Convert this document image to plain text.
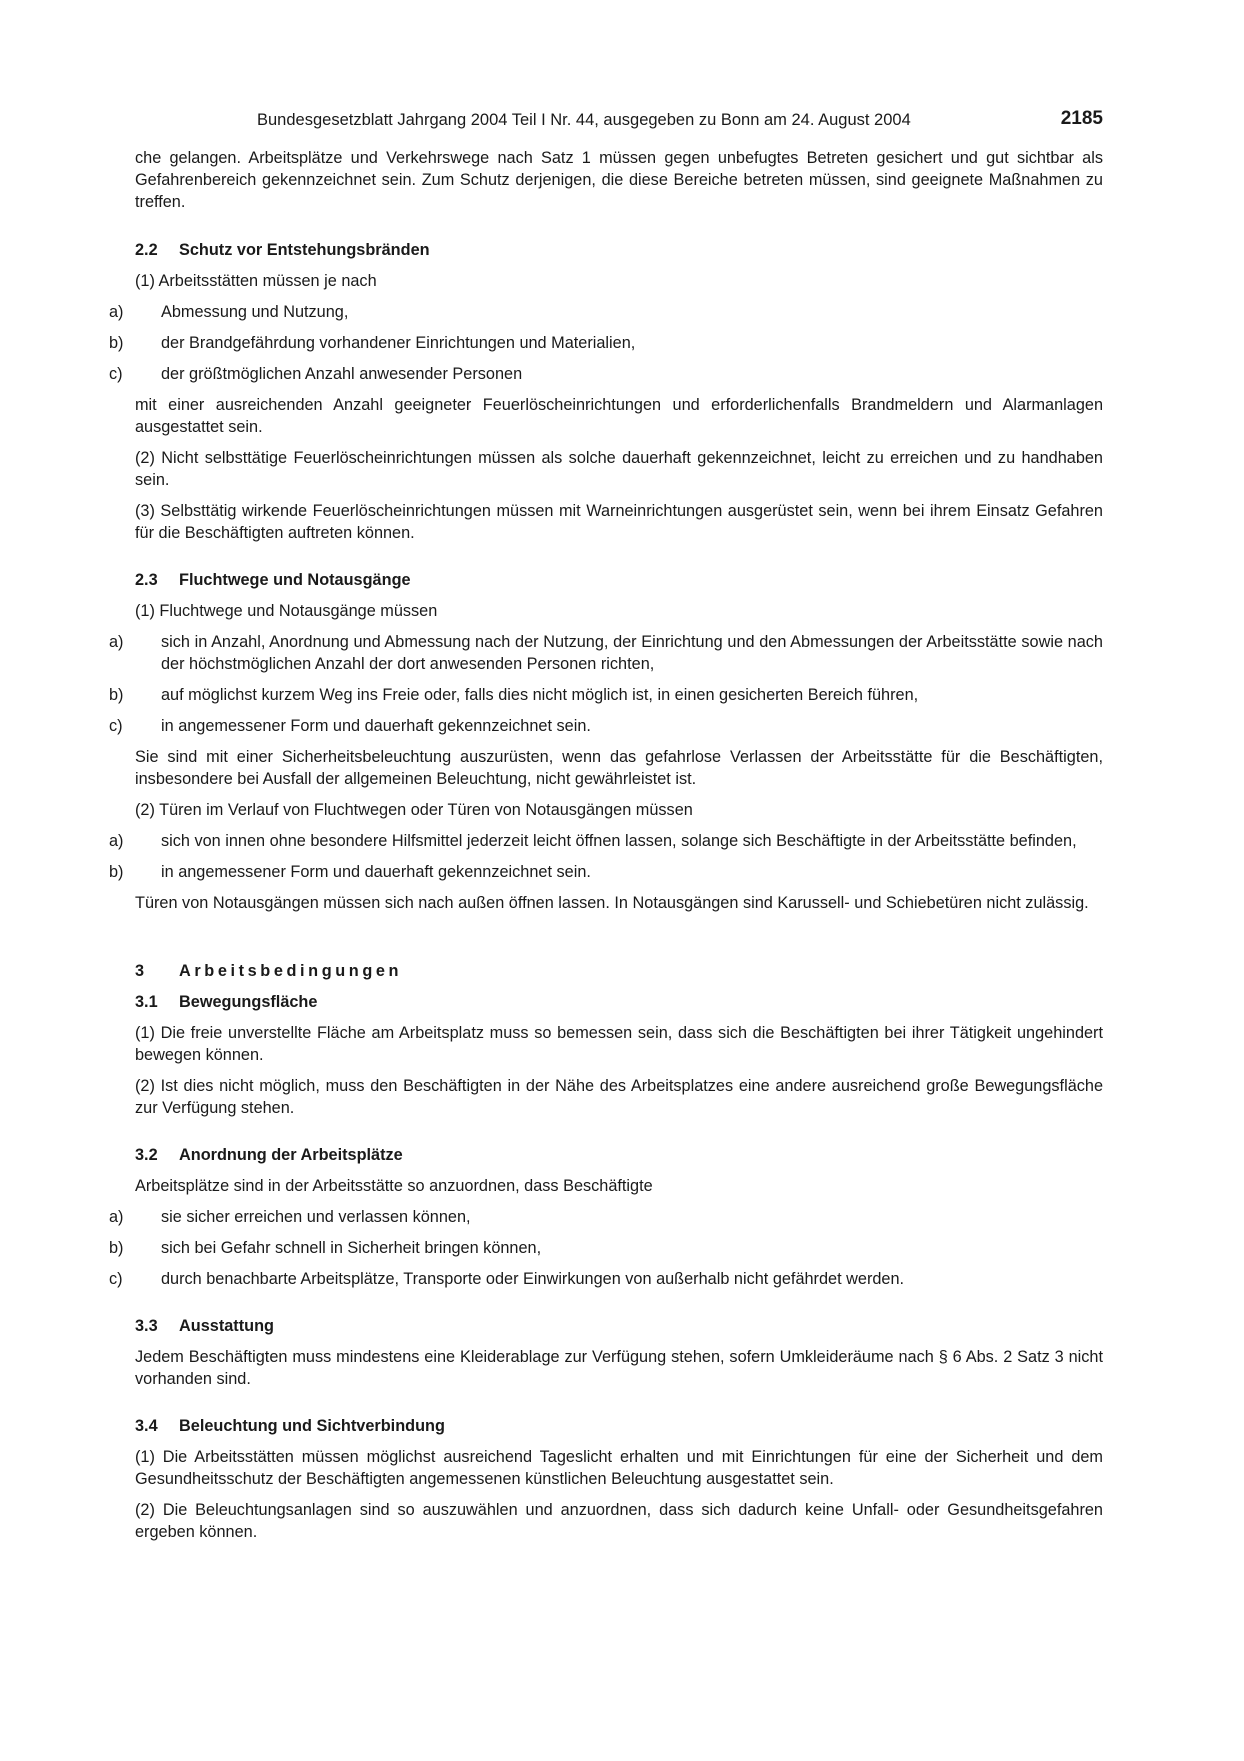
Bundesgesetzblatt Jahrgang 2004 Teil I Nr. 44, ausgegeben zu Bonn am 24. August 2004	2185
che gelangen. Arbeitsplätze und Verkehrswege nach Satz 1 müssen gegen unbefugtes Betreten gesichert und gut sichtbar als Gefahrenbereich gekennzeichnet sein. Zum Schutz derjenigen, die diese Bereiche betreten müssen, sind geeignete Maßnahmen zu treffen.
2.2 Schutz vor Entstehungsbränden
(1) Arbeitsstätten müssen je nach
a) Abmessung und Nutzung,
b) der Brandgefährdung vorhandener Einrichtungen und Materialien,
c) der größtmöglichen Anzahl anwesender Personen
mit einer ausreichenden Anzahl geeigneter Feuerlöscheinrichtungen und erforderlichenfalls Brandmeldern und Alarmanlagen ausgestattet sein.
(2) Nicht selbsttätige Feuerlöscheinrichtungen müssen als solche dauerhaft gekennzeichnet, leicht zu erreichen und zu handhaben sein.
(3) Selbsttätig wirkende Feuerlöscheinrichtungen müssen mit Warneinrichtungen ausgerüstet sein, wenn bei ihrem Einsatz Gefahren für die Beschäftigten auftreten können.
2.3 Fluchtwege und Notausgänge
(1) Fluchtwege und Notausgänge müssen
a) sich in Anzahl, Anordnung und Abmessung nach der Nutzung, der Einrichtung und den Abmessungen der Arbeitsstätte sowie nach der höchstmöglichen Anzahl der dort anwesenden Personen richten,
b) auf möglichst kurzem Weg ins Freie oder, falls dies nicht möglich ist, in einen gesicherten Bereich führen,
c) in angemessener Form und dauerhaft gekennzeichnet sein.
Sie sind mit einer Sicherheitsbeleuchtung auszurüsten, wenn das gefahrlose Verlassen der Arbeitsstätte für die Beschäftigten, insbesondere bei Ausfall der allgemeinen Beleuchtung, nicht gewährleistet ist.
(2) Türen im Verlauf von Fluchtwegen oder Türen von Notausgängen müssen
a) sich von innen ohne besondere Hilfsmittel jederzeit leicht öffnen lassen, solange sich Beschäftigte in der Arbeitsstätte befinden,
b) in angemessener Form und dauerhaft gekennzeichnet sein.
Türen von Notausgängen müssen sich nach außen öffnen lassen. In Notausgängen sind Karussell- und Schiebetüren nicht zulässig.
3 Arbeitsbedingungen
3.1 Bewegungsfläche
(1) Die freie unverstellte Fläche am Arbeitsplatz muss so bemessen sein, dass sich die Beschäftigten bei ihrer Tätigkeit ungehindert bewegen können.
(2) Ist dies nicht möglich, muss den Beschäftigten in der Nähe des Arbeitsplatzes eine andere ausreichend große Bewegungsfläche zur Verfügung stehen.
3.2 Anordnung der Arbeitsplätze
Arbeitsplätze sind in der Arbeitsstätte so anzuordnen, dass Beschäftigte
a) sie sicher erreichen und verlassen können,
b) sich bei Gefahr schnell in Sicherheit bringen können,
c) durch benachbarte Arbeitsplätze, Transporte oder Einwirkungen von außerhalb nicht gefährdet werden.
3.3 Ausstattung
Jedem Beschäftigten muss mindestens eine Kleiderablage zur Verfügung stehen, sofern Umkleideräume nach § 6 Abs. 2 Satz 3 nicht vorhanden sind.
3.4 Beleuchtung und Sichtverbindung
(1) Die Arbeitsstätten müssen möglichst ausreichend Tageslicht erhalten und mit Einrichtungen für eine der Sicherheit und dem Gesundheitsschutz der Beschäftigten angemessenen künstlichen Beleuchtung ausgestattet sein.
(2) Die Beleuchtungsanlagen sind so auszuwählen und anzuordnen, dass sich dadurch keine Unfall- oder Gesundheitsgefahren ergeben können.
